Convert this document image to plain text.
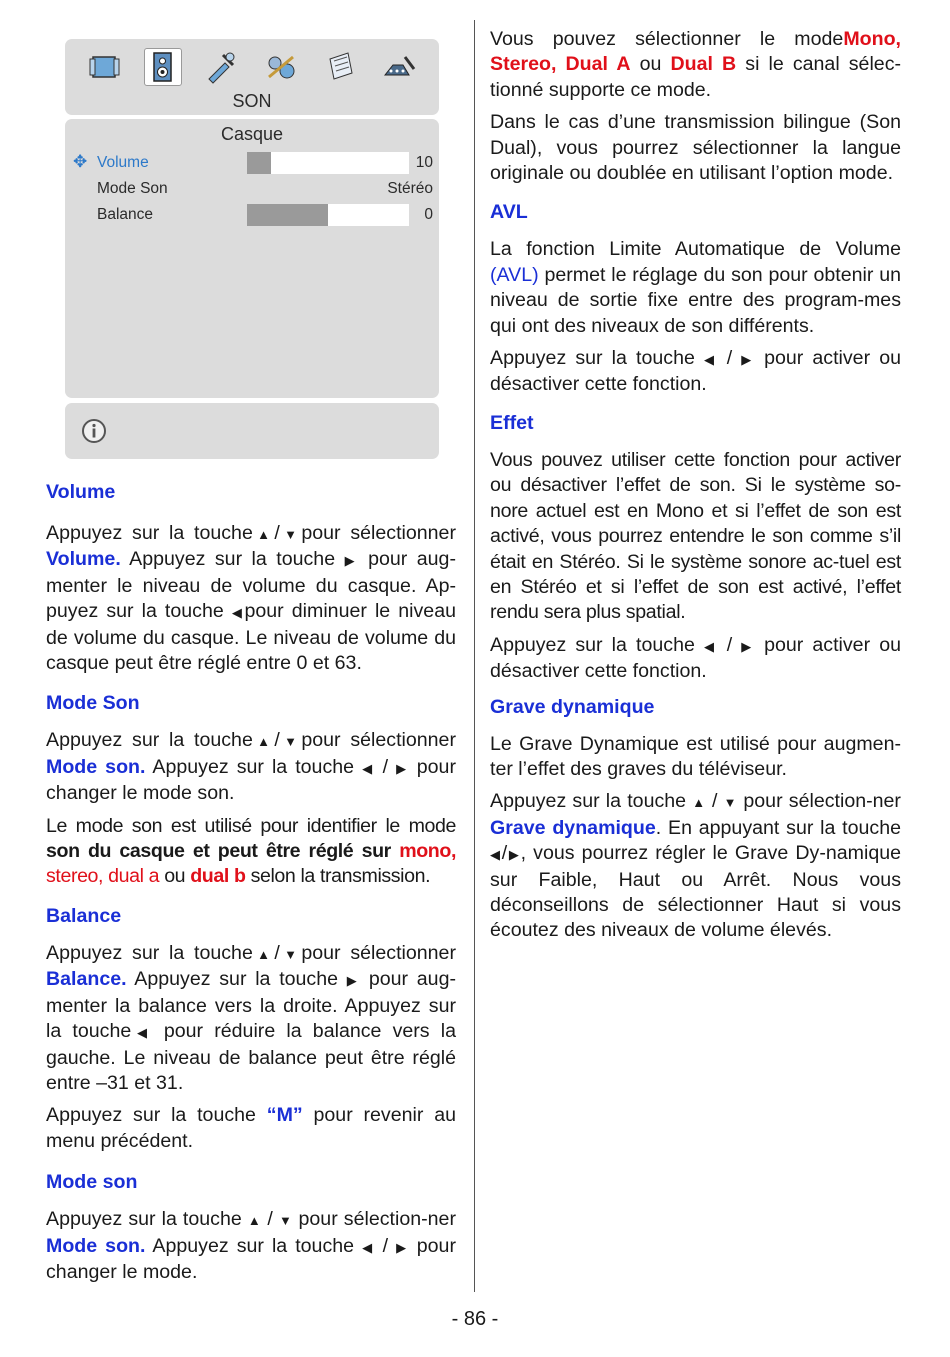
SON
Casque
✥ Volume	10
Mode Son	Stéréo
Balance	0
Volume

Appuyez sur la touche▲/▼pour sélectionner Volume. Appuyez sur la touche ▶ pour aug-menter le niveau de volume du casque. Ap-puyez sur la touche ◀pour diminuer le niveau de volume du casque. Le niveau de volume du casque peut être réglé entre 0 et 63.

Mode Son

Appuyez sur la touche▲/▼pour sélectionner Mode son. Appuyez sur la touche ◀ / ▶ pour changer le mode son.

Le mode son est utilisé pour identifier le mode son du casque et peut être réglé sur mono, stereo, dual a ou dual b selon la transmission.

Balance

Appuyez sur la touche▲/▼pour sélectionner Balance. Appuyez sur la touche ▶ pour aug-menter la balance vers la droite. Appuyez sur la touche◀ pour réduire la balance vers la gauche. Le niveau de balance peut être réglé entre –31 et 31.

Appuyez sur la touche “M” pour revenir au menu précédent.

Mode son

Appuyez sur la touche ▲ / ▼ pour sélection-ner Mode son. Appuyez sur la touche ◀ / ▶ pour changer le mode.

Vous pouvez sélectionner le modeMono, Stereo, Dual A ou Dual B si le canal sélec-tionné supporte ce mode.

Dans le cas d’une transmission bilingue (Son Dual), vous pourrez sélectionner la langue originale ou doublée en utilisant l’option mode.

AVL

La fonction Limite Automatique de Volume (AVL) permet le réglage du son pour obtenir un niveau de sortie fixe entre des program-mes qui ont des niveaux de son différents.

Appuyez sur la touche ◀ / ▶ pour activer ou désactiver cette fonction.

Effet

Vous pouvez utiliser cette fonction pour activer ou désactiver l’effet de son. Si le système so-nore actuel est en Mono et si l’effet de son est activé, vous pourrez entendre le son comme s’il était en Stéréo. Si le système sonore ac-tuel est en Stéréo et si l’effet de son est activé, l’effet rendu sera plus spatial.

Appuyez sur la touche ◀ / ▶ pour activer ou désactiver cette fonction.

Grave dynamique

Le Grave Dynamique est utilisé pour augmen-ter l’effet des graves du téléviseur.

Appuyez sur la touche ▲ / ▼ pour sélection-ner Grave dynamique. En appuyant sur la touche ◀/▶, vous pourrez régler le Grave Dy-namique sur Faible, Haut ou Arrêt. Nous vous déconseillons de sélectionner Haut si vous écoutez des niveaux de volume élevés.

- 86 -
